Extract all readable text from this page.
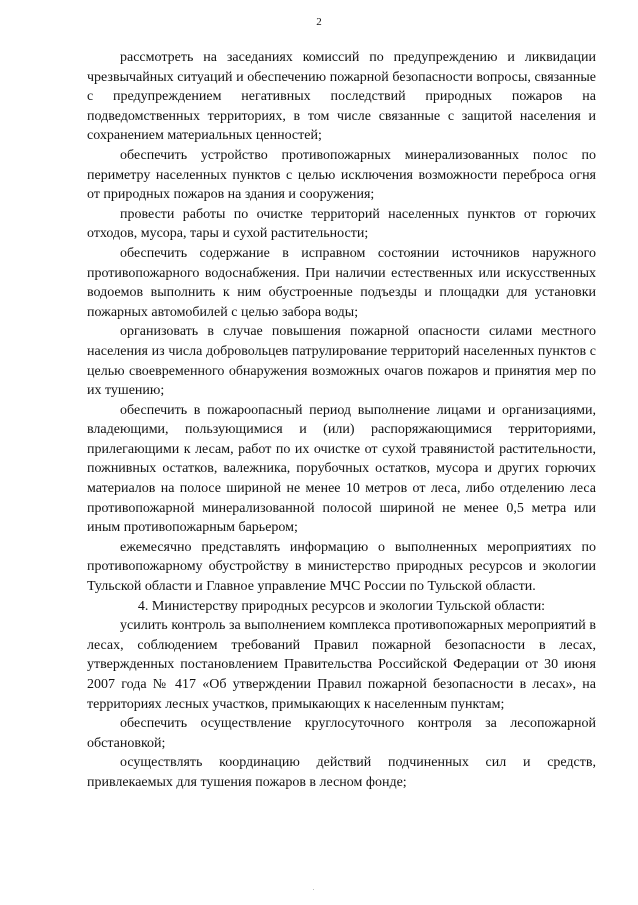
2

рассмотреть на заседаниях комиссий по предупреждению и ликвидации чрезвычайных ситуаций и обеспечению пожарной безопасности вопросы, связанные с предупреждением негативных последствий природных пожаров на подведомственных территориях, в том числе связанные с защитой населения и сохранением материальных ценностей;

обеспечить устройство противопожарных минерализованных полос по периметру населенных пунктов с целью исключения возможности переброса огня от природных пожаров на здания и сооружения;

провести работы по очистке территорий населенных пунктов от горючих отходов, мусора, тары и сухой растительности;

обеспечить содержание в исправном состоянии источников наружного противопожарного водоснабжения. При наличии естественных или искусственных водоемов выполнить к ним обустроенные подъезды и площадки для установки пожарных автомобилей с целью забора воды;

организовать в случае повышения пожарной опасности силами местного населения из числа добровольцев патрулирование территорий населенных пунктов с целью своевременного обнаружения возможных очагов пожаров и принятия мер по их тушению;

обеспечить в пожароопасный период выполнение лицами и организациями, владеющими, пользующимися и (или) распоряжающимися территориями, прилегающими к лесам, работ по их очистке от сухой травянистой растительности, пожнивных остатков, валежника, порубочных остатков, мусора и других горючих материалов на полосе шириной не менее 10 метров от леса, либо отделению леса противопожарной минерализованной полосой шириной не менее 0,5 метра или иным противопожарным барьером;

ежемесячно представлять информацию о выполненных мероприятиях по противопожарному обустройству в министерство природных ресурсов и экологии Тульской области и Главное управление МЧС России по Тульской области.

4. Министерству природных ресурсов и экологии Тульской области:

усилить контроль за выполнением комплекса противопожарных мероприятий в лесах, соблюдением требований Правил пожарной безопасности в лесах, утвержденных постановлением Правительства Российской Федерации от 30 июня 2007 года № 417 «Об утверждении Правил пожарной безопасности в лесах», на территориях лесных участков, примыкающих к населенным пунктам;

обеспечить осуществление круглосуточного контроля за лесопожарной обстановкой;

осуществлять координацию действий подчиненных сил и средств, привлекаемых для тушения пожаров в лесном фонде;
